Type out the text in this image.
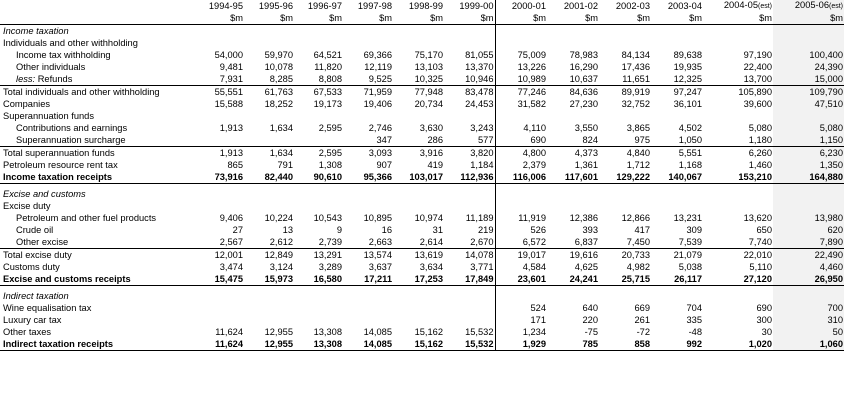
	1994-95	1995-96	1996-97	1997-98	1998-99	1999-00	2000-01	2001-02	2002-03	2003-04	2004-05(est)	2005-06(est)
	$m	$m	$m	$m	$m	$m	$m	$m	$m	$m	$m	$m
Income taxation												
Individuals and other withholding												
Income tax withholding	54,000	59,970	64,521	69,366	75,170	81,055	75,009	78,983	84,134	89,638	97,190	100,400
Other individuals	9,481	10,078	11,820	12,119	13,103	13,370	13,226	16,290	17,436	19,935	22,400	24,390
less: Refunds	7,931	8,285	8,808	9,525	10,325	10,946	10,989	10,637	11,651	12,325	13,700	15,000
Total individuals and other withholding	55,551	61,763	67,533	71,959	77,948	83,478	77,246	84,636	89,919	97,247	105,890	109,790
Companies	15,588	18,252	19,173	19,406	20,734	24,453	31,582	27,230	32,752	36,101	39,600	47,510
Superannuation funds												
Contributions and earnings	1,913	1,634	2,595	2,746	3,630	3,243	4,110	3,550	3,865	4,502	5,080	5,080
Superannuation surcharge				347	286	577	690	824	975	1,050	1,180	1,150
Total superannuation funds	1,913	1,634	2,595	3,093	3,916	3,820	4,800	4,373	4,840	5,551	6,260	6,230
Petroleum resource rent tax	865	791	1,308	907	419	1,184	2,379	1,361	1,712	1,168	1,460	1,350
Income taxation receipts	73,916	82,440	90,610	95,366	103,017	112,936	116,006	117,601	129,222	140,067	153,210	164,880

Excise and customs												
Excise duty												
Petroleum and other fuel products	9,406	10,224	10,543	10,895	10,974	11,189	11,919	12,386	12,866	13,231	13,620	13,980
Crude oil	27	13	9	16	31	219	526	393	417	309	650	620
Other excise	2,567	2,612	2,739	2,663	2,614	2,670	6,572	6,837	7,450	7,539	7,740	7,890
Total excise duty	12,001	12,849	13,291	13,574	13,619	14,078	19,017	19,616	20,733	21,079	22,010	22,490
Customs duty	3,474	3,124	3,289	3,637	3,634	3,771	4,584	4,625	4,982	5,038	5,110	4,460
Excise and customs receipts	15,475	15,973	16,580	17,211	17,253	17,849	23,601	24,241	25,715	26,117	27,120	26,950

Indirect taxation												
Wine equalisation tax							524	640	669	704	690	700
Luxury car tax							171	220	261	335	300	310
Other taxes	11,624	12,955	13,308	14,085	15,162	15,532	1,234	-75	-72	-48	30	50
Indirect taxation receipts	11,624	12,955	13,308	14,085	15,162	15,532	1,929	785	858	992	1,020	1,060
